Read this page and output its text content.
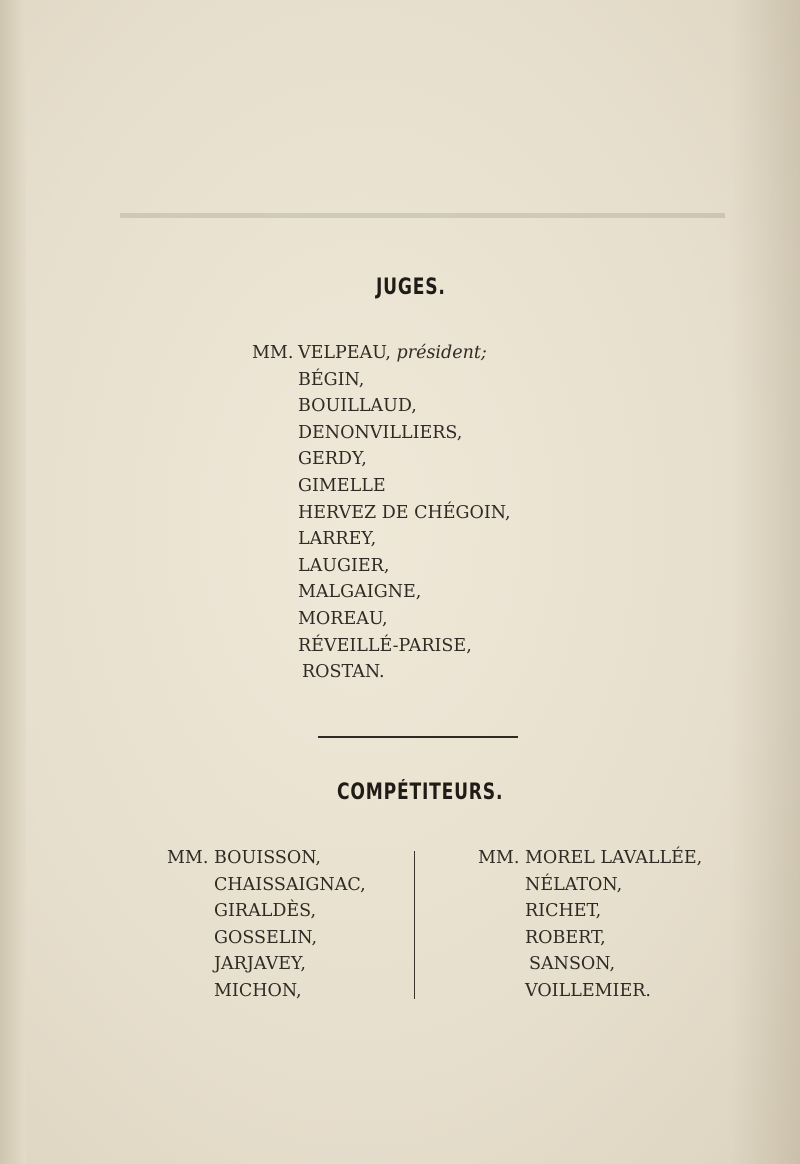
JUGES.
MM. VELPEAU, président;
BÉGIN,
BOUILLAUD,
DENONVILLIERS,
GERDY,
GIMELLE
HERVEZ DE CHÉGOIN,
LARREY,
LAUGIER,
MALGAIGNE,
MOREAU,
RÉVEILLÉ-PARISE,
ROSTAN.
COMPÉTITEURS.
MM. BOUISSON,
CHAISSAIGNAC,
GIRALDÈS,
GOSSELIN,
JARJAVEY,
MICHON,
MM. MOREL LAVALLÉE,
NÉLATON,
RICHET,
ROBERT,
SANSON,
VOILLEMIER.
